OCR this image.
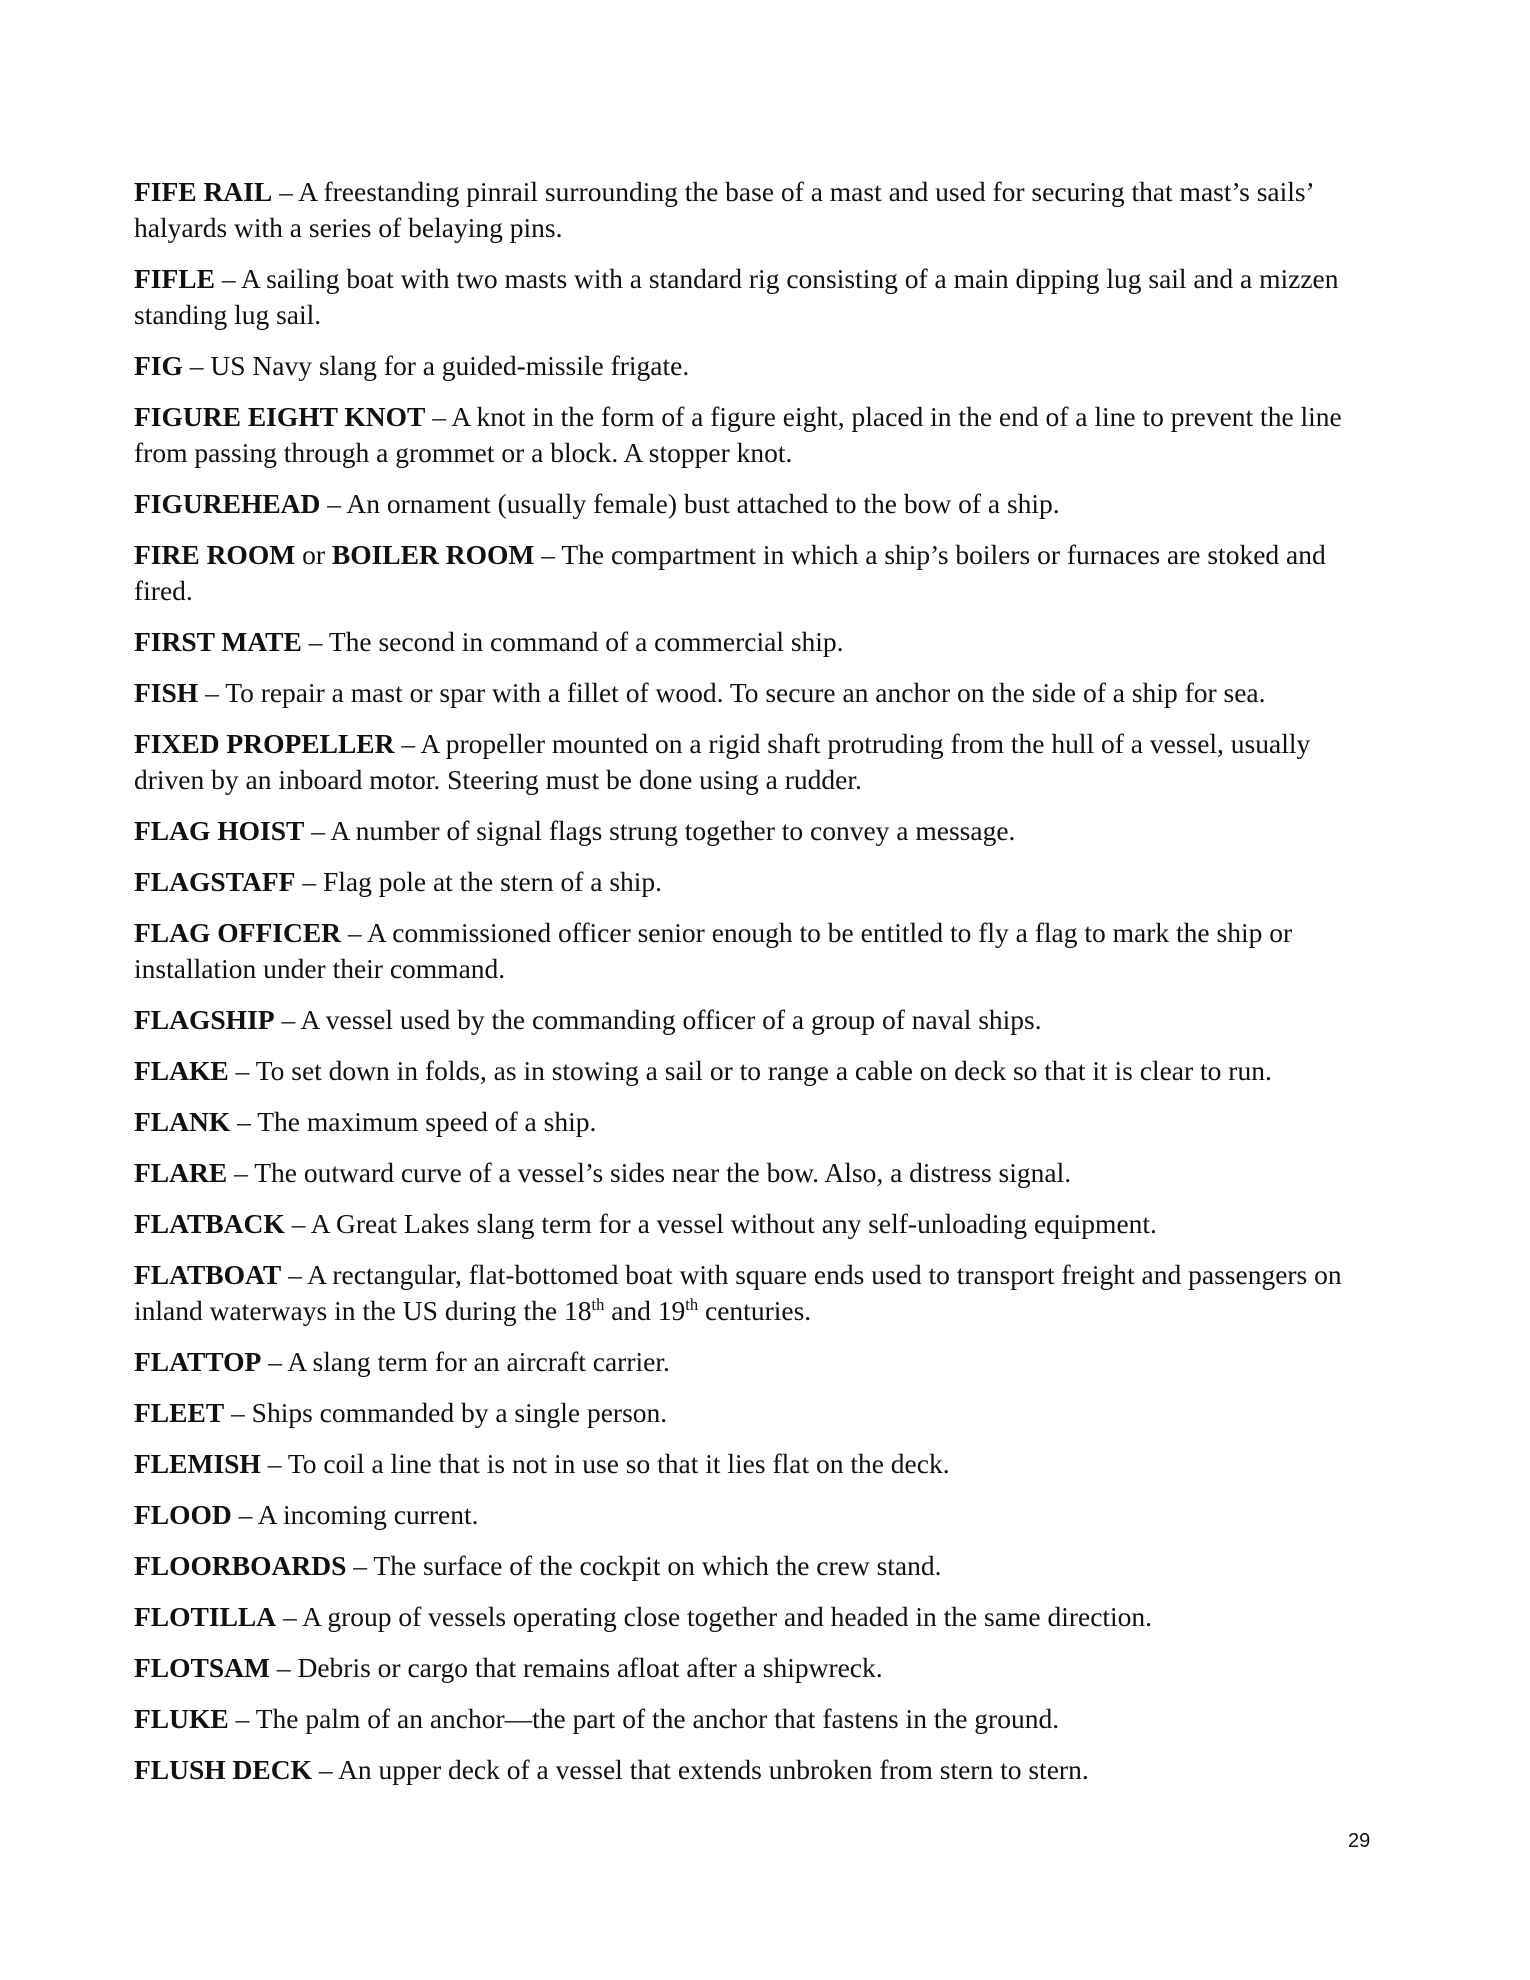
FIFE RAIL – A freestanding pinrail surrounding the base of a mast and used for securing that mast’s sails’ halyards with a series of belaying pins.

FIFLE – A sailing boat with two masts with a standard rig consisting of a main dipping lug sail and a mizzen standing lug sail.

FIG – US Navy slang for a guided-missile frigate.

FIGURE EIGHT KNOT – A knot in the form of a figure eight, placed in the end of a line to prevent the line from passing through a grommet or a block. A stopper knot.

FIGUREHEAD – An ornament (usually female) bust attached to the bow of a ship.

FIRE ROOM or BOILER ROOM – The compartment in which a ship’s boilers or furnaces are stoked and fired.

FIRST MATE – The second in command of a commercial ship.

FISH – To repair a mast or spar with a fillet of wood. To secure an anchor on the side of a ship for sea.

FIXED PROPELLER – A propeller mounted on a rigid shaft protruding from the hull of a vessel, usually driven by an inboard motor. Steering must be done using a rudder.

FLAG HOIST – A number of signal flags strung together to convey a message.

FLAGSTAFF – Flag pole at the stern of a ship.

FLAG OFFICER – A commissioned officer senior enough to be entitled to fly a flag to mark the ship or installation under their command.

FLAGSHIP – A vessel used by the commanding officer of a group of naval ships.

FLAKE – To set down in folds, as in stowing a sail or to range a cable on deck so that it is clear to run.

FLANK – The maximum speed of a ship.

FLARE – The outward curve of a vessel’s sides near the bow. Also, a distress signal.

FLATBACK – A Great Lakes slang term for a vessel without any self-unloading equipment.

FLATBOAT – A rectangular, flat-bottomed boat with square ends used to transport freight and passengers on inland waterways in the US during the 18th and 19th centuries.

FLATTOP – A slang term for an aircraft carrier.

FLEET – Ships commanded by a single person.

FLEMISH – To coil a line that is not in use so that it lies flat on the deck.

FLOOD – A incoming current.

FLOORBOARDS – The surface of the cockpit on which the crew stand.

FLOTILLA – A group of vessels operating close together and headed in the same direction.

FLOTSAM – Debris or cargo that remains afloat after a shipwreck.

FLUKE – The palm of an anchor—the part of the anchor that fastens in the ground.

FLUSH DECK – An upper deck of a vessel that extends unbroken from stern to stern.

29
